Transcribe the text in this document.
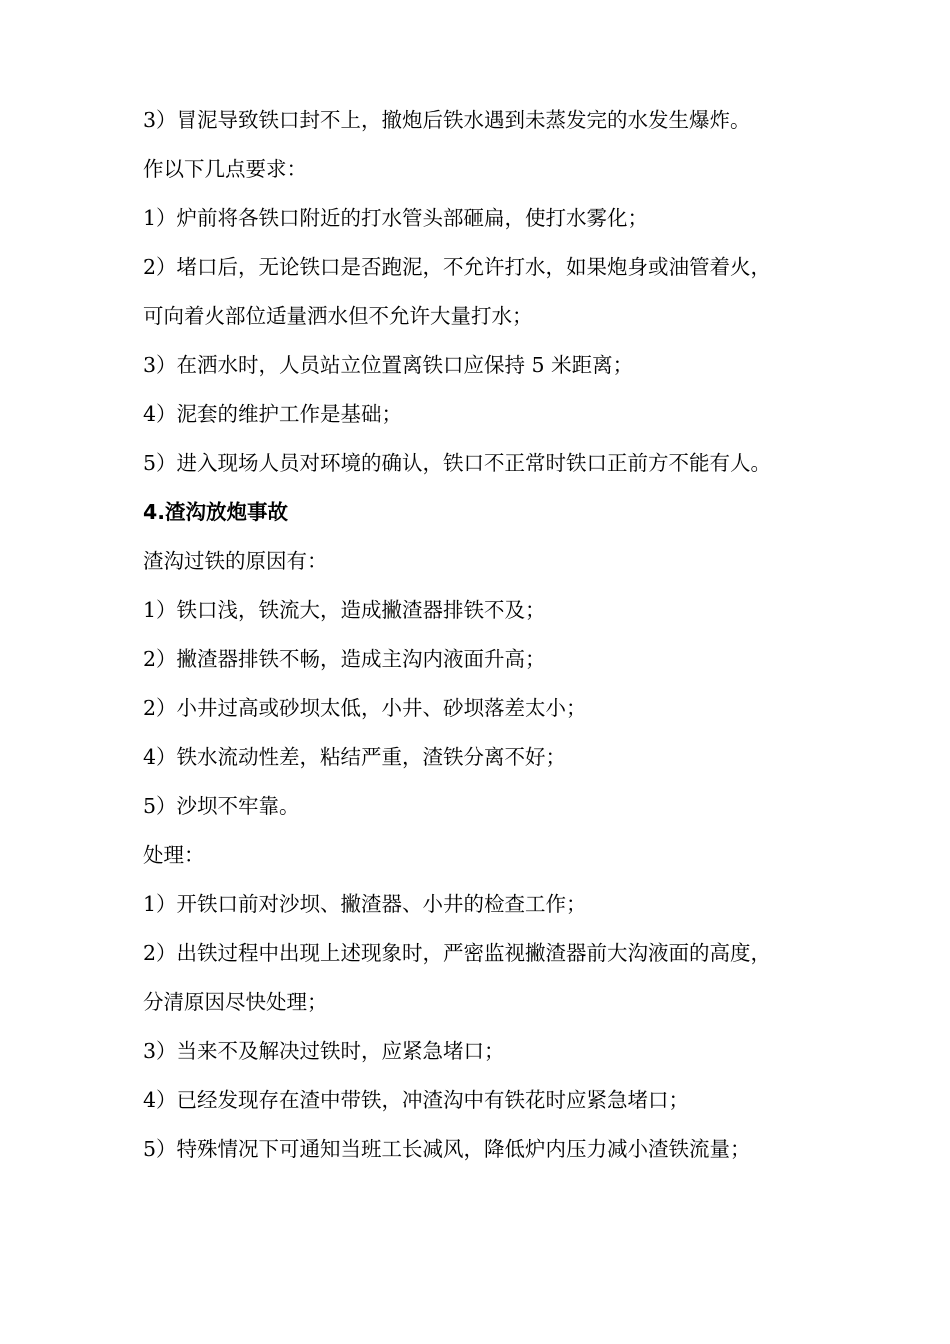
3）冒泥导致铁口封不上，撤炮后铁水遇到未蒸发完的水发生爆炸。

作以下几点要求：

1）炉前将各铁口附近的打水管头部砸扁，使打水雾化；

2）堵口后，无论铁口是否跑泥，不允许打水，如果炮身或油管着火，

可向着火部位适量洒水但不允许大量打水；

3）在洒水时，人员站立位置离铁口应保持 5 米距离；

4）泥套的维护工作是基础；

5）进入现场人员对环境的确认，铁口不正常时铁口正前方不能有人。

4.渣沟放炮事故

渣沟过铁的原因有：

1）铁口浅，铁流大，造成撇渣器排铁不及；

2）撇渣器排铁不畅，造成主沟内液面升高；

2）小井过高或砂坝太低，小井、砂坝落差太小；

4）铁水流动性差，粘结严重，渣铁分离不好；

5）沙坝不牢靠。

处理：

1）开铁口前对沙坝、撇渣器、小井的检查工作；

2）出铁过程中出现上述现象时，严密监视撇渣器前大沟液面的高度，

分清原因尽快处理；

3）当来不及解决过铁时，应紧急堵口；

4）已经发现存在渣中带铁，冲渣沟中有铁花时应紧急堵口；

5）特殊情况下可通知当班工长减风，降低炉内压力减小渣铁流量；
